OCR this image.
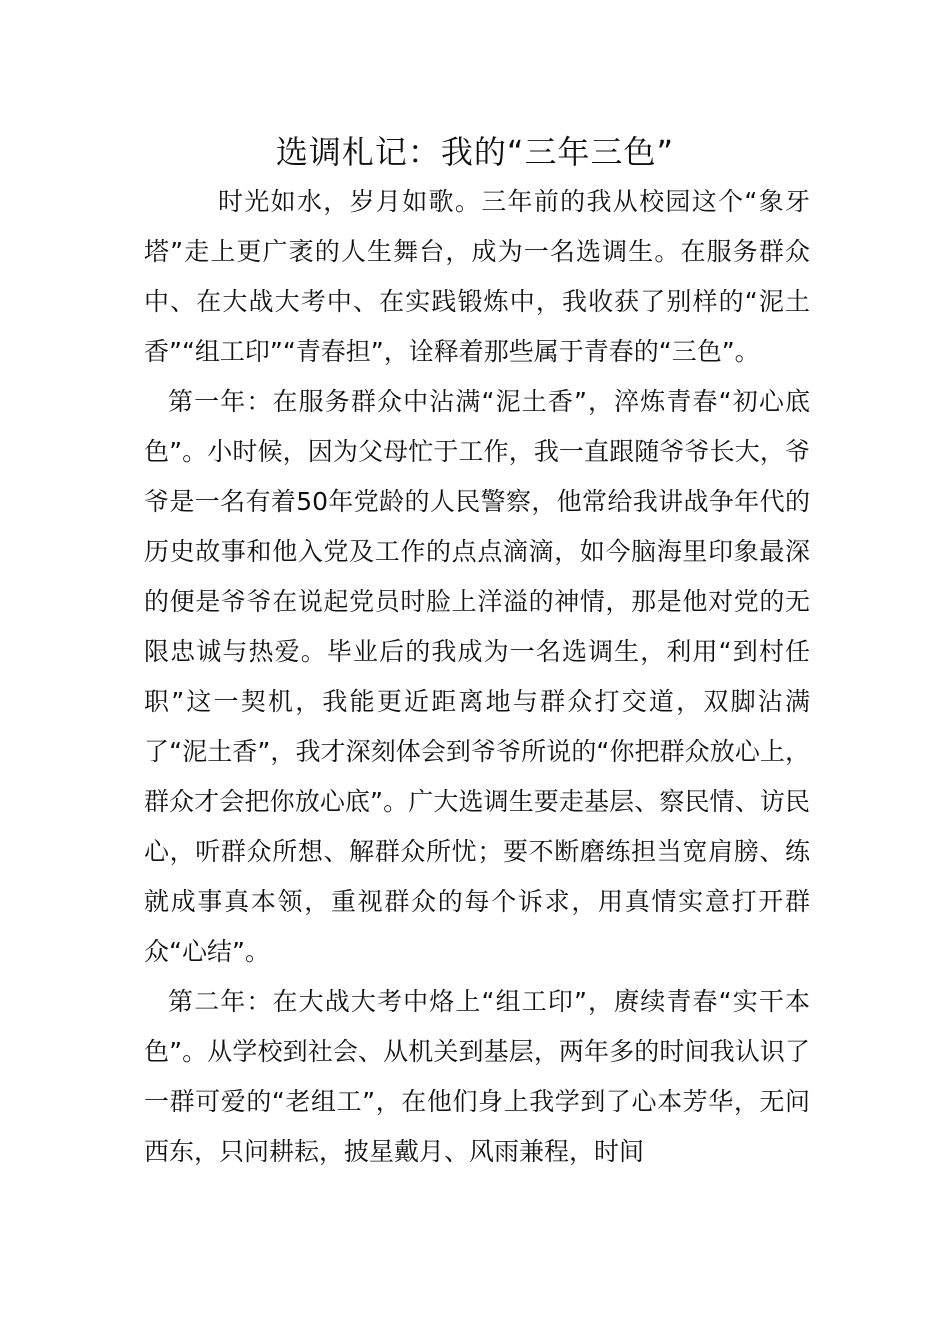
选调札记：我的“三年三色”

时光如水，岁月如歌。三年前的我从校园这个“象牙塔”走上更广袤的人生舞台，成为一名选调生。在服务群众中、在大战大考中、在实践锻炼中，我收获了别样的“泥土香”“组工印”“青春担”，诠释着那些属于青春的“三色”。

第一年：在服务群众中沾满“泥土香”，淬炼青春“初心底色”。小时候，因为父母忙于工作，我一直跟随爷爷长大，爷爷是一名有着50年党龄的人民警察，他常给我讲战争年代的历史故事和他入党及工作的点点滴滴，如今脑海里印象最深的便是爷爷在说起党员时脸上洋溢的神情，那是他对党的无限忠诚与热爱。毕业后的我成为一名选调生，利用“到村任职”这一契机，我能更近距离地与群众打交道，双脚沾满了“泥土香”，我才深刻体会到爷爷所说的“你把群众放心上，群众才会把你放心底”。广大选调生要走基层、察民情、访民心，听群众所想、解群众所忧；要不断磨练担当宽肩膀、练就成事真本领，重视群众的每个诉求，用真情实意打开群众“心结”。

第二年：在大战大考中烙上“组工印”，赓续青春“实干本色”。从学校到社会、从机关到基层，两年多的时间我认识了一群可爱的“老组工”，在他们身上我学到了心本芳华，无问西东，只问耕耘，披星戴月、风雨兼程，时间
